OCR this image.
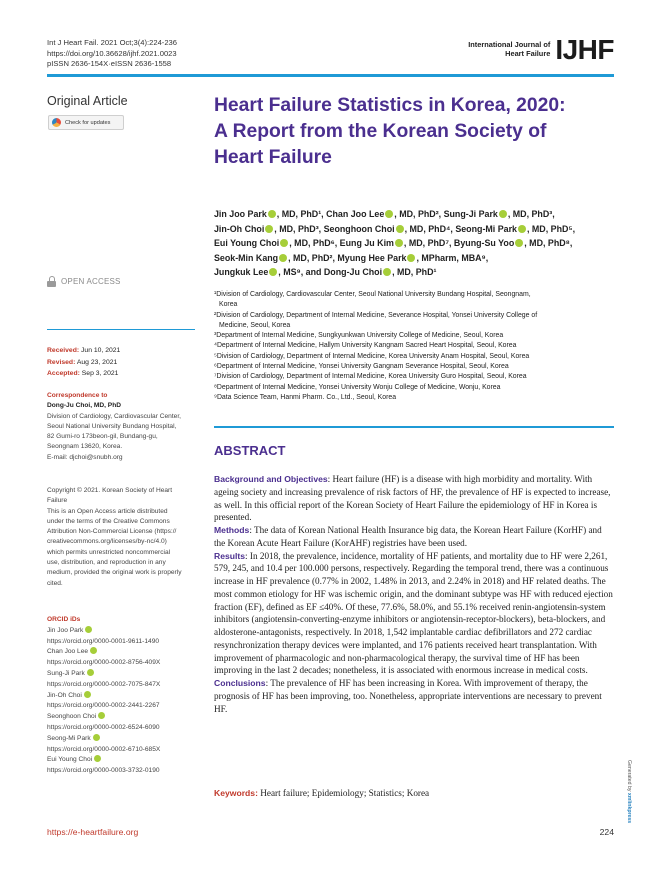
Int J Heart Fail. 2021 Oct;3(4):224-236
https://doi.org/10.36628/ijhf.2021.0023
pISSN 2636-154X·eISSN 2636-1558
International Journal of
Heart Failure IJHF
Original Article
Check for updates
Heart Failure Statistics in Korea, 2020:
A Report from the Korean Society of
Heart Failure
Jin Joo Park , MD, PhD¹, Chan Joo Lee , MD, PhD², Sung-Ji Park , MD, PhD³,
Jin-Oh Choi , MD, PhD³, Seonghoon Choi , MD, PhD⁴, Seong-Mi Park , MD, PhD⁵,
Eui Young Choi , MD, PhD⁶, Eung Ju Kim , MD, PhD⁷, Byung-Su Yoo , MD, PhD⁸,
Seok-Min Kang , MD, PhD², Myung Hee Park , MPharm, MBA⁹,
Jungkuk Lee , MS⁹, and Dong-Ju Choi , MD, PhD¹
¹Division of Cardiology, Cardiovascular Center, Seoul National University Bundang Hospital, Seongnam,
Korea
²Division of Cardiology, Department of Internal Medicine, Severance Hospital, Yonsei University College of
Medicine, Seoul, Korea
³Department of Internal Medicine, Sungkyunkwan University College of Medicine, Seoul, Korea
⁴Department of Internal Medicine, Hallym University Kangnam Sacred Heart Hospital, Seoul, Korea
⁵Division of Cardiology, Department of Internal Medicine, Korea University Anam Hospital, Seoul, Korea
⁶Department of Internal Medicine, Yonsei University Gangnam Severance Hospital, Seoul, Korea
⁷Division of Cardiology, Department of Internal Medicine, Korea University Guro Hospital, Seoul, Korea
⁸Department of Internal Medicine, Yonsei University Wonju College of Medicine, Wonju, Korea
⁹Data Science Team, Hanmi Pharm. Co., Ltd., Seoul, Korea
OPEN ACCESS
Received: Jun 10, 2021
Revised: Aug 23, 2021
Accepted: Sep 3, 2021
Correspondence to
Dong-Ju Choi, MD, PhD
Division of Cardiology, Cardiovascular Center,
Seoul National University Bundang Hospital,
82 Gumi-ro 173beon-gil, Bundang-gu,
Seongnam 13620, Korea.
E-mail: djchoi@snubh.org
Copyright © 2021. Korean Society of Heart
Failure
This is an Open Access article distributed
under the terms of the Creative Commons
Attribution Non-Commercial License (https://
creativecommons.org/licenses/by-nc/4.0)
which permits unrestricted noncommercial
use, distribution, and reproduction in any
medium, provided the original work is properly
cited.
ORCID iDs
Jin Joo Park
https://orcid.org/0000-0001-9611-1490
Chan Joo Lee
https://orcid.org/0000-0002-8756-409X
Sung-Ji Park
https://orcid.org/0000-0002-7075-847X
Jin-Oh Choi
https://orcid.org/0000-0002-2441-2267
Seonghoon Choi
https://orcid.org/0000-0002-6524-6090
Seong-Mi Park
https://orcid.org/0000-0002-6710-685X
Eui Young Choi
https://orcid.org/0000-0003-3732-0190
ABSTRACT
Background and Objectives: Heart failure (HF) is a disease with high morbidity and mortality. With ageing society and increasing prevalence of risk factors of HF, the prevalence of HF is expected to increase, as well. In this official report of the Korean Society of Heart Failure the epidemiology of HF in Korea is presented.
Methods: The data of Korean National Health Insurance big data, the Korean Heart Failure (KorHF) and the Korean Acute Heart Failure (KorAHF) registries have been used.
Results: In 2018, the prevalence, incidence, mortality of HF patients, and mortality due to HF were 2,261, 579, 245, and 10.4 per 100.000 persons, respectively. Regarding the temporal trend, there was a continuous increase in HF prevalence (0.77% in 2002, 1.48% in 2013, and 2.24% in 2018) and HF related deaths. The most common etiology for HF was ischemic origin, and the dominant subtype was HF with reduced ejection fraction (EF), defined as EF ≤40%. Of these, 77.6%, 58.0%, and 55.1% received renin-angiotensin-system inhibitors (angiotensin-converting-enzyme inhibitors or angiotensin-receptor-blockers), beta-blockers, and aldosterone-antagonists, respectively. In 2018, 1,542 implantable cardiac defibrillators and 272 cardiac resynchronization therapy devices were implanted, and 176 patients received heart transplantation. With improvement of pharmacologic and non-pharmacological therapy, the survival time of HF has been improving in the last 2 decades; nonetheless, it is associated with enormous increase in medical costs.
Conclusions: The prevalence of HF has been increasing in Korea. With improvement of therapy, the prognosis of HF has been improving, too. Nonetheless, appropriate interventions are necessary to prevent HF.
Keywords: Heart failure; Epidemiology; Statistics; Korea
https://e-heartfailure.org	224
Generated by xmlinkpress
